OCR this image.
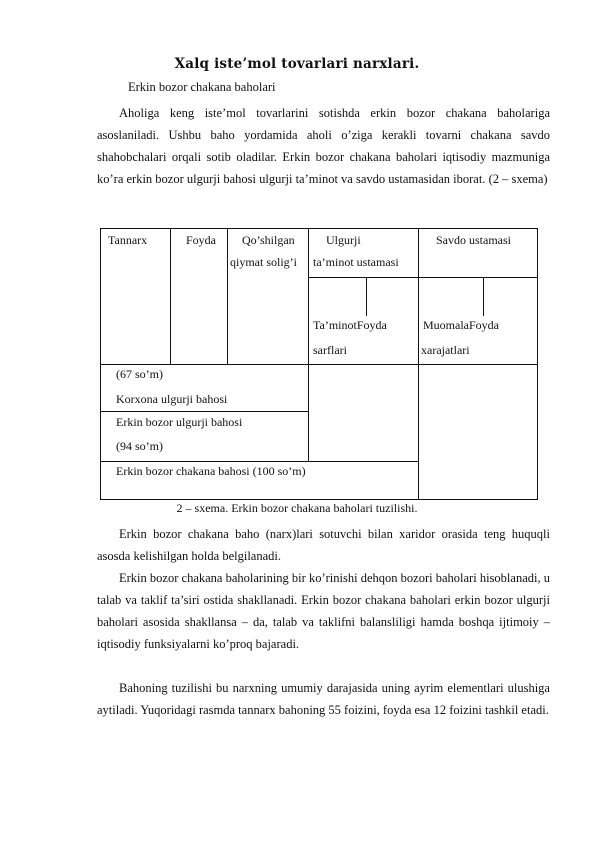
Xalq iste’mol tovarlari narxlari.
Erkin bozor chakana baholari

Aholiga keng iste’mol tovarlarini sotishda erkin bozor chakana baholariga asoslaniladi. Ushbu baho yordamida aholi o’ziga kerakli tovarni chakana savdo shahobchalari orqali sotib oladilar. Erkin bozor chakana baholari iqtisodiy mazmuniga ko’ra erkin bozor ulgurji bahosi ulgurji ta’minot va savdo ustamasidan iborat. (2 – sxema)

Tannarx	Foyda Qo’shilgan
qiymat solig’i
Ulgurji
ta’minot ustamasi
Savdo ustamasi
Ta’minotFoyda
sarflari
MuomalaFoyda
xarajatlari
(67 so’m)
Korxona ulgurji bahosi
Erkin bozor ulgurji bahosi
(94 so’m)
Erkin bozor chakana bahosi (100 so’m)
2 – sxema. Erkin bozor chakana baholari tuzilishi.

Erkin bozor chakana baho (narx)lari sotuvchi bilan xaridor orasida teng huquqli asosda kelishilgan holda belgilanadi.

Erkin bozor chakana baholarining bir ko’rinishi dehqon bozori baholari hisoblanadi, u talab va taklif ta’siri ostida shakllanadi. Erkin bozor chakana baholari erkin bozor ulgurji baholari asosida shakllansa – da, talab va taklifni balansliligi hamda boshqa ijtimoiy – iqtisodiy funksiyalarni ko’proq bajaradi.

Bahoning tuzilishi bu narxning umumiy darajasida uning ayrim elementlari ulushiga aytiladi. Yuqoridagi rasmda tannarx bahoning 55 foizini, foyda esa 12 foizini tashkil etadi.
